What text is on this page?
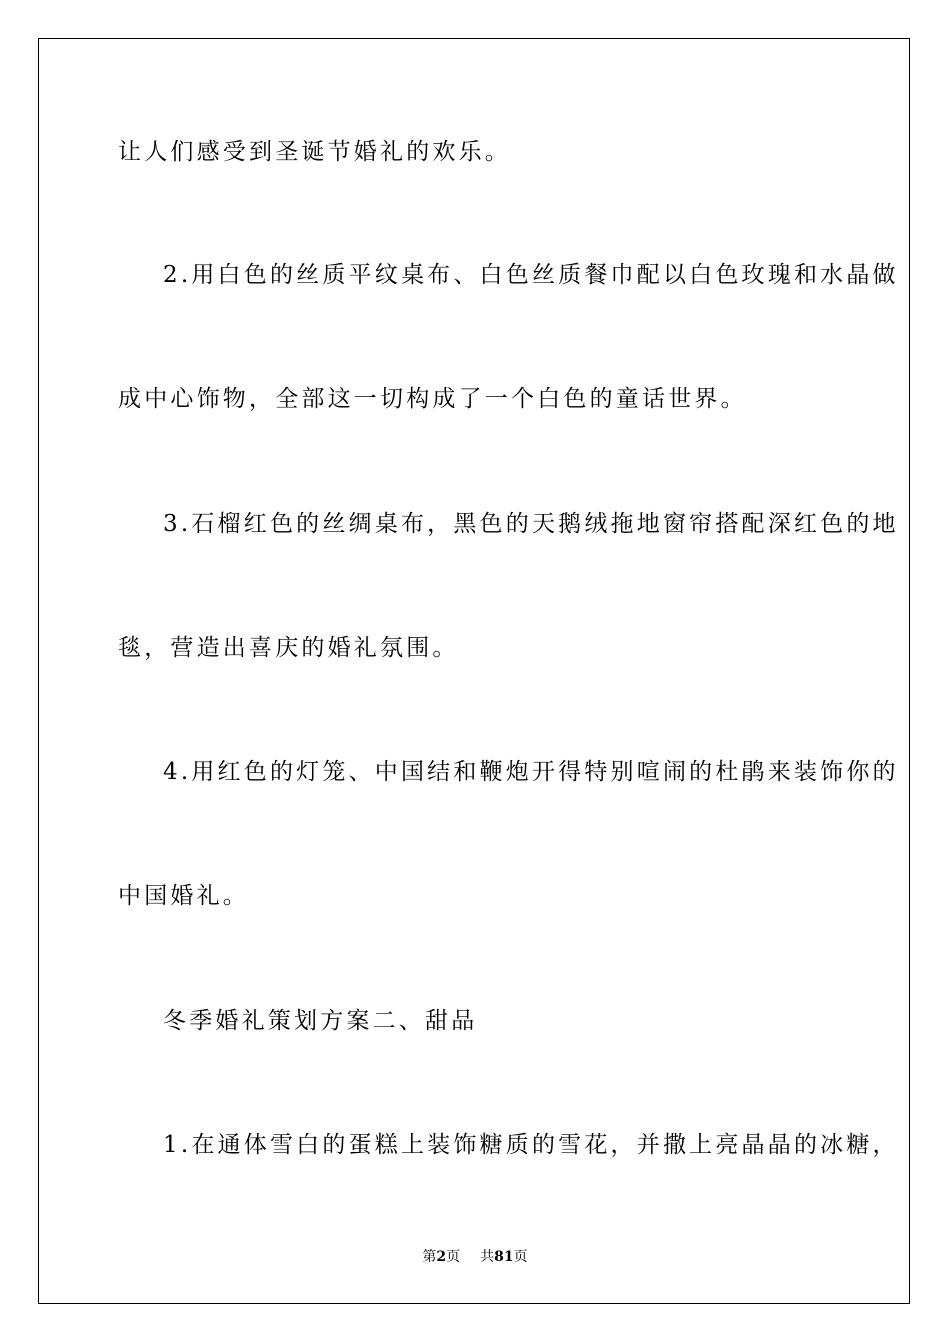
让人们感受到圣诞节婚礼的欢乐。

2.用白色的丝质平纹桌布、白色丝质餐巾配以白色玫瑰和水晶做

成中心饰物，全部这一切构成了一个白色的童话世界。

3.石榴红色的丝绸桌布，黑色的天鹅绒拖地窗帘搭配深红色的地

毯，营造出喜庆的婚礼氛围。

4.用红色的灯笼、中国结和鞭炮开得特别喧闹的杜鹃来装饰你的

中国婚礼。

冬季婚礼策划方案二、甜品

1.在通体雪白的蛋糕上装饰糖质的雪花，并撒上亮晶晶的冰糖，

第2页 共81页
